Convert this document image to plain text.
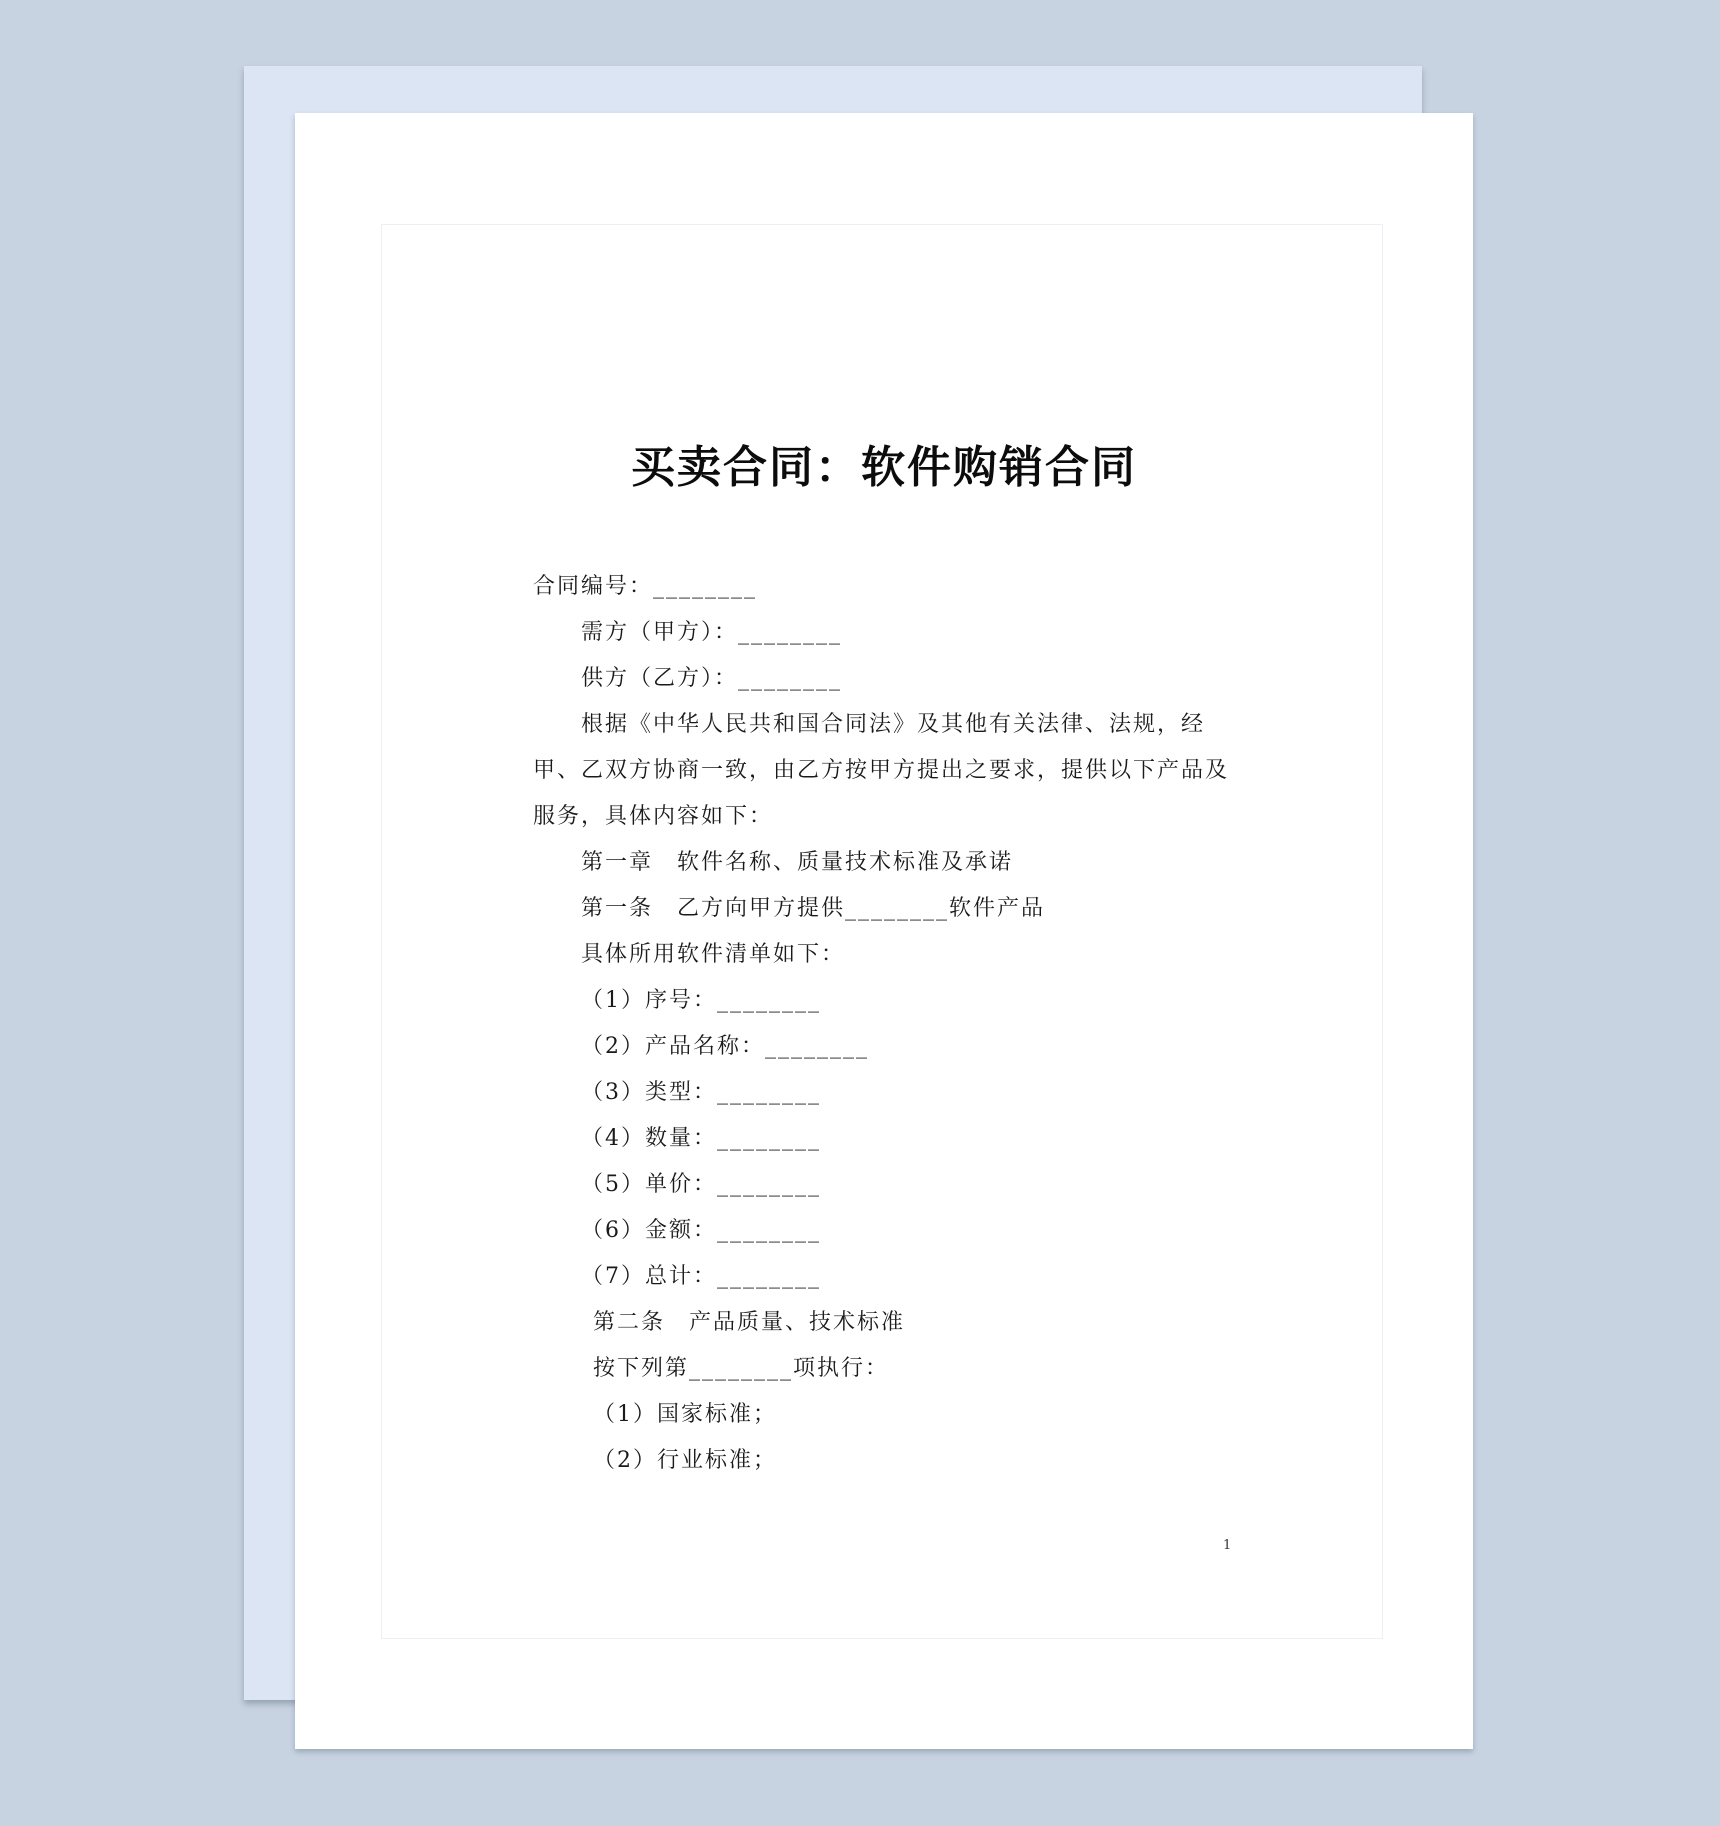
买卖合同：软件购销合同
合同编号：________
需方（甲方）：________
供方（乙方）：________
根据《中华人民共和国合同法》及其他有关法律、法规，经
甲、乙双方协商一致，由乙方按甲方提出之要求，提供以下产品及
服务，具体内容如下：
第一章　软件名称、质量技术标准及承诺
第一条　乙方向甲方提供________软件产品
具体所用软件清单如下：
（1）序号：________
（2）产品名称：________
（3）类型：________
（4）数量：________
（5）单价：________
（6）金额：________
（7）总计：________
第二条　产品质量、技术标准
按下列第________项执行：
（1）国家标准；
（2）行业标准；
1
